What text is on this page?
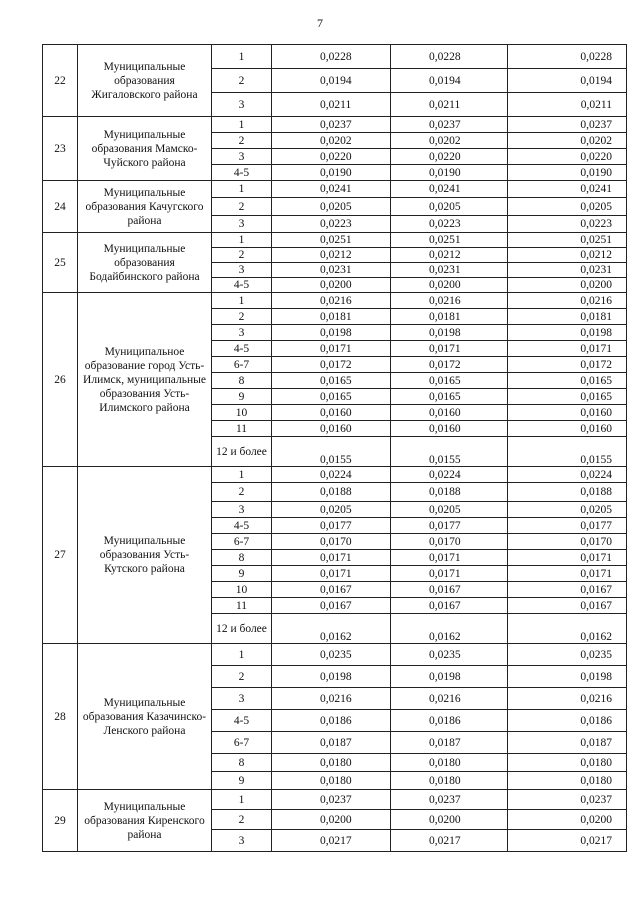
7
22	Муниципальные образования Жигаловского района	1	0,0228	0,0228	0,0228
		2	0,0194	0,0194	0,0194
		3	0,0211	0,0211	0,0211
23	Муниципальные образования Мамско-Чуйского района	1	0,0237	0,0237	0,0237
		2	0,0202	0,0202	0,0202
		3	0,0220	0,0220	0,0220
		4-5	0,0190	0,0190	0,0190
24	Муниципальные образования Качугского района	1	0,0241	0,0241	0,0241
		2	0,0205	0,0205	0,0205
		3	0,0223	0,0223	0,0223
25	Муниципальные образования Бодайбинского района	1	0,0251	0,0251	0,0251
		2	0,0212	0,0212	0,0212
		3	0,0231	0,0231	0,0231
		4-5	0,0200	0,0200	0,0200
26	Муниципальное образование город Усть-Илимск, муниципальные образования Усть-Илимского района	1	0,0216	0,0216	0,0216
		2	0,0181	0,0181	0,0181
		3	0,0198	0,0198	0,0198
		4-5	0,0171	0,0171	0,0171
		6-7	0,0172	0,0172	0,0172
		8	0,0165	0,0165	0,0165
		9	0,0165	0,0165	0,0165
		10	0,0160	0,0160	0,0160
		11	0,0160	0,0160	0,0160
		12 и более	0,0155	0,0155	0,0155
27	Муниципальные образования Усть-Кутского района	1	0,0224	0,0224	0,0224
		2	0,0188	0,0188	0,0188
		3	0,0205	0,0205	0,0205
		4-5	0,0177	0,0177	0,0177
		6-7	0,0170	0,0170	0,0170
		8	0,0171	0,0171	0,0171
		9	0,0171	0,0171	0,0171
		10	0,0167	0,0167	0,0167
		11	0,0167	0,0167	0,0167
		12 и более	0,0162	0,0162	0,0162
28	Муниципальные образования Казачинско-Ленского района	1	0,0235	0,0235	0,0235
		2	0,0198	0,0198	0,0198
		3	0,0216	0,0216	0,0216
		4-5	0,0186	0,0186	0,0186
		6-7	0,0187	0,0187	0,0187
		8	0,0180	0,0180	0,0180
		9	0,0180	0,0180	0,0180
29	Муниципальные образования Киренского района	1	0,0237	0,0237	0,0237
		2	0,0200	0,0200	0,0200
		3	0,0217	0,0217	0,0217
